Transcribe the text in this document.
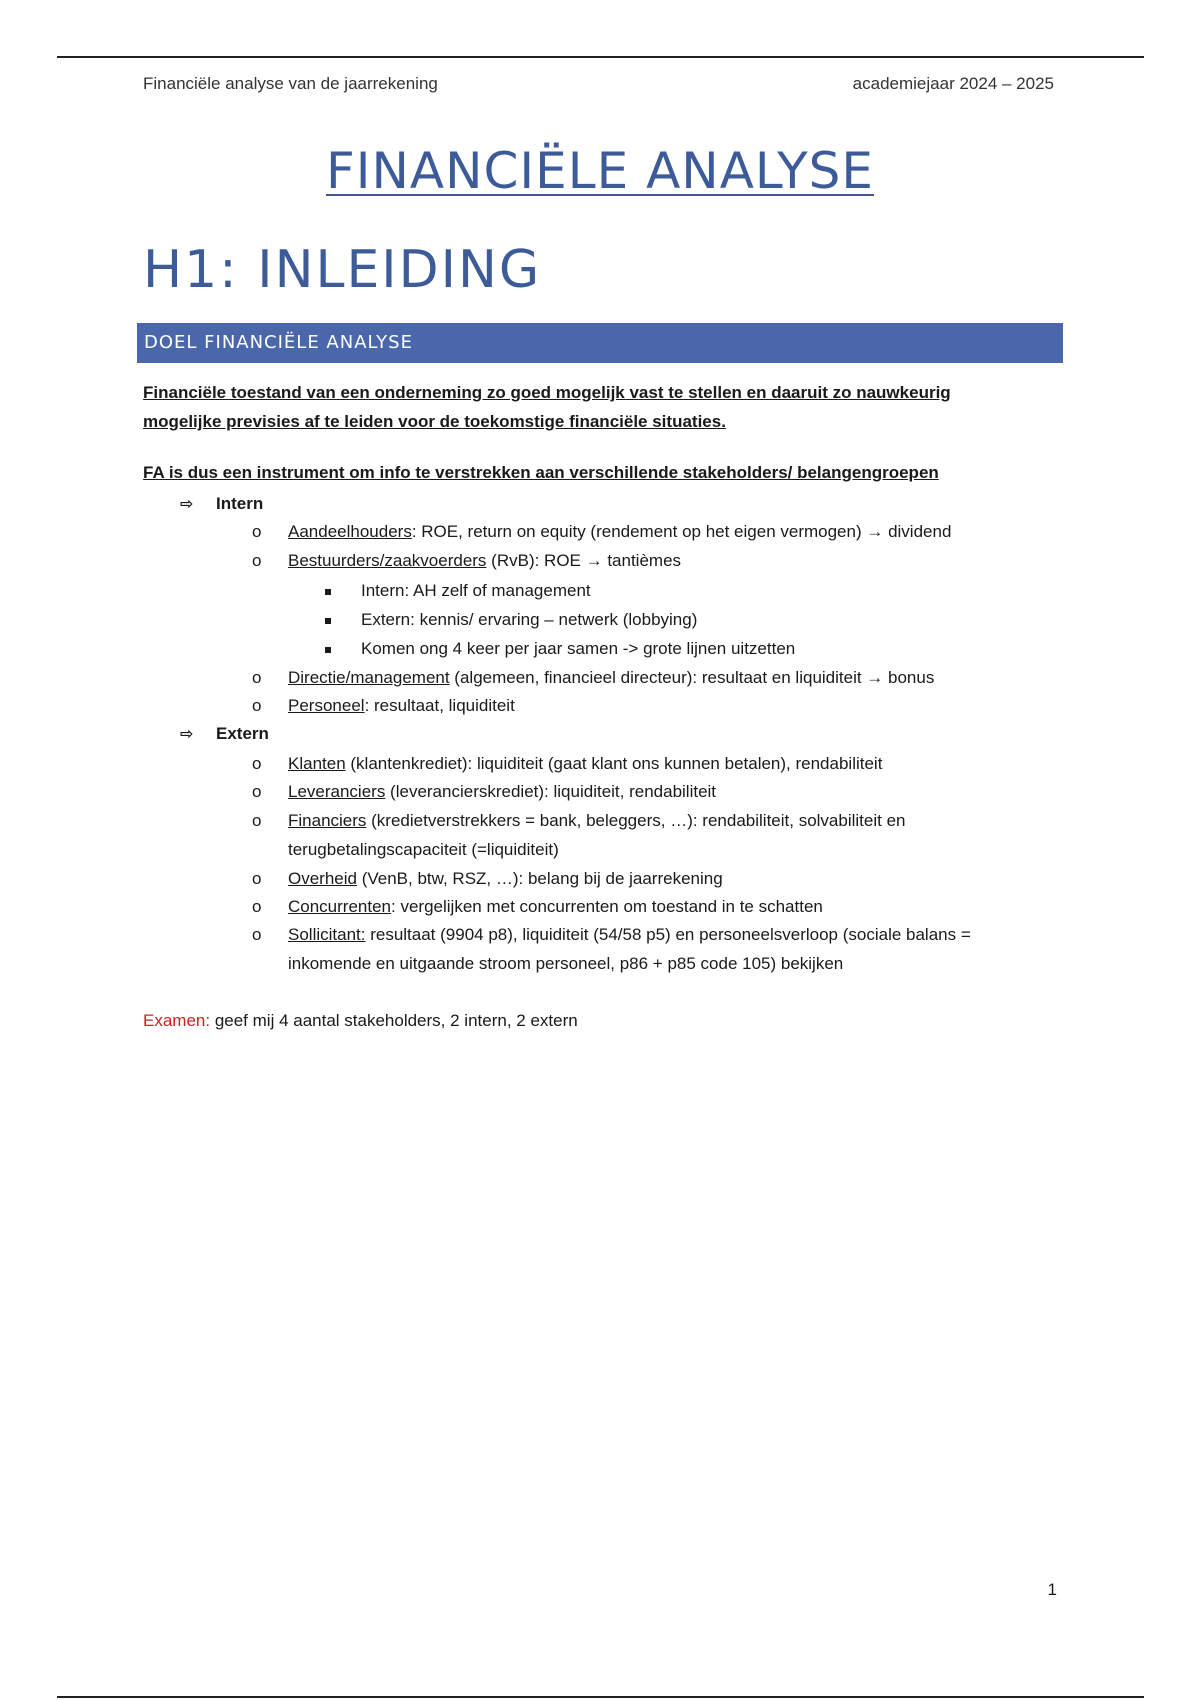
Financiële analyse van de jaarrekening	academiejaar 2024 – 2025
FINANCIËLE ANALYSE
H1: INLEIDING
DOEL FINANCIËLE ANALYSE
Financiële toestand van een onderneming zo goed mogelijk vast te stellen en daaruit zo nauwkeurig mogelijke previsies af te leiden voor de toekomstige financiële situaties.
FA is dus een instrument om info te verstrekken aan verschillende stakeholders/ belangengroepen
⇨ Intern
o Aandeelhouders: ROE, return on equity (rendement op het eigen vermogen) → dividend
o Bestuurders/zaakvoerders (RvB): ROE → tantièmes
Intern: AH zelf of management
Extern: kennis/ ervaring – netwerk (lobbying)
Komen ong 4 keer per jaar samen -> grote lijnen uitzetten
o Directie/management (algemeen, financieel directeur): resultaat en liquiditeit → bonus
o Personeel: resultaat, liquiditeit
⇨ Extern
o Klanten (klantenkrediet): liquiditeit (gaat klant ons kunnen betalen), rendabiliteit
o Leveranciers (leverancierskrediet): liquiditeit, rendabiliteit
o Financiers (kredietverstrekkers = bank, beleggers, …): rendabiliteit, solvabiliteit en
terugbetalingscapaciteit (=liquiditeit)
o Overheid (VenB, btw, RSZ, …): belang bij de jaarrekening
o Concurrenten: vergelijken met concurrenten om toestand in te schatten
o Sollicitant: resultaat (9904 p8), liquiditeit (54/58 p5) en personeelsverloop (sociale balans =
inkomende en uitgaande stroom personeel, p86 + p85 code 105) bekijken
Examen: geef mij 4 aantal stakeholders, 2 intern, 2 extern
1
